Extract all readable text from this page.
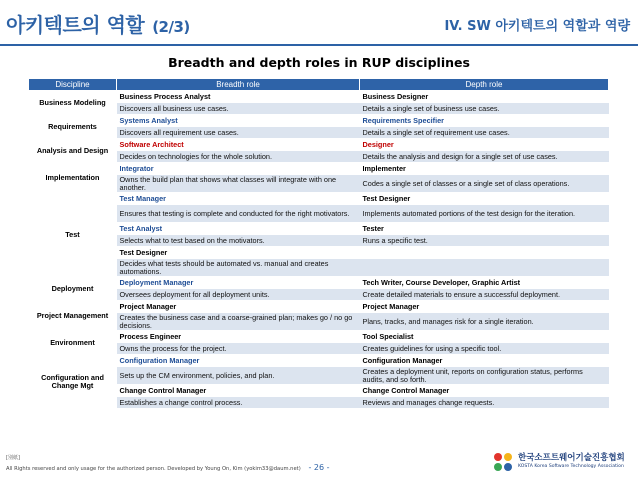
아키텍트의 역할 (2/3)	IV. SW 아키텍트의 역할과 역량
Breadth and depth roles in RUP disciplines
Discipline	Breadth role	Depth role
Business Modeling	Business Process Analyst	Business Designer
	Discovers all business use cases.	Details a single set of business use cases.
Requirements	Systems Analyst	Requirements Specifier
	Discovers all requirement use cases.	Details a single set of requirement use cases.
Analysis and Design	Software Architect	Designer
	Decides on technologies for the whole solution.	Details the analysis and design for a single set of use cases.
Implementation	Integrator	Implementer
	Owns the build plan that shows what classes will integrate with one another.	Codes a single set of classes or a single set of class operations.
Test	Test Manager	Test Designer
	Ensures that testing is complete and conducted for the right motivators.	Implements automated portions of the test design for the iteration.
	Test Analyst	Tester
	Selects what to test based on the motivators.	Runs a specific test.
	Test Designer	
	Decides what tests should be automated vs. manual and creates automations.	
Deployment	Deployment Manager	Tech Writer, Course Developer, Graphic Artist
	Oversees deployment for all deployment units.	Create detailed materials to ensure a successful deployment.
Project Management	Project Manager	Project Manager
	Creates the business case and a coarse-grained plan; makes go / no go decisions.	Plans, tracks, and manages risk for a single iteration.
Environment	Process Engineer	Tool Specialist
	Owns the process for the project.	Creates guidelines for using a specific tool.
Configuration and Change Mgt	Configuration Manager	Configuration Manager
	Sets up the CM environment, policies, and plan.	Creates a deployment unit, reports on configuration status, performs audits, and so forth.
	Change Control Manager	Change Control Manager
	Establishes a change control process.	Reviews and manages change requests.
[別紙]
All Rights reserved and only usage for the authorized person. Developed by Young On, Kim (yokim33@daum.net) - 26 -
한국소프트웨어기술진흥협회
KOSTA Korea Software Technology Association
